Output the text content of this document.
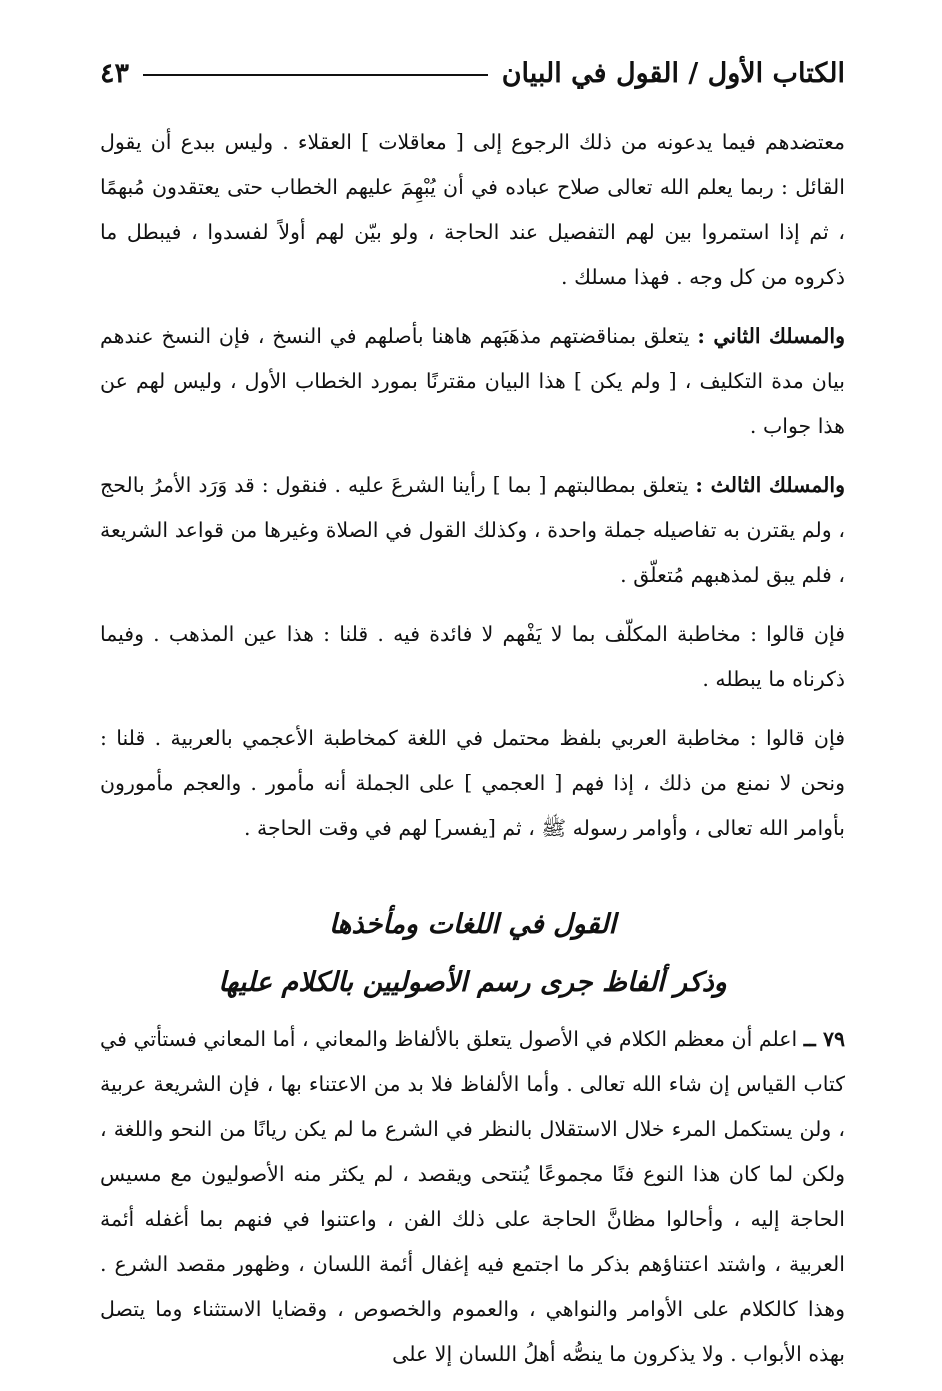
الكتاب الأول / القول في البيان
٤٣

معتضدهم فيما يدعونه من ذلك الرجوع إلى [ معاقلات ] العقلاء . وليس ببدع أن يقول القائل : ربما يعلم الله تعالى صلاح عباده في أن يُبْهِمَ عليهم الخطاب حتى يعتقدون مُبهمًا ، ثم إذا استمروا بين لهم التفصيل عند الحاجة ، ولو بيّن لهم أولاً لفسدوا ، فيبطل ما ذكروه من كل وجه . فهذا مسلك .

والمسلك الثاني : يتعلق بمناقضتهم مذهَبَهم هاهنا بأصلهم في النسخ ، فإن النسخ عندهم بيان مدة التكليف ، [ ولم يكن ] هذا البيان مقترنًا بمورد الخطاب الأول ، وليس لهم عن هذا جواب .

والمسلك الثالث : يتعلق بمطالبتهم [ بما ] رأينا الشرعَ عليه . فنقول : قد وَرَد الأمرُ بالحج ، ولم يقترن به تفاصيله جملة واحدة ، وكذلك القول في الصلاة وغيرها من قواعد الشريعة ، فلم يبق لمذهبهم مُتعلّق .

فإن قالوا : مخاطبة المكلّف بما لا يَفْهم لا فائدة فيه . قلنا : هذا عين المذهب . وفيما ذكرناه ما يبطله .

فإن قالوا : مخاطبة العربي بلفظ محتمل في اللغة كمخاطبة الأعجمي بالعربية . قلنا : ونحن لا نمنع من ذلك ، إذا فهم [ العجمي ] على الجملة أنه مأمور . والعجم مأمورون بأوامر الله تعالى ، وأوامر رسوله ﷺ ، ثم [يفسر] لهم في وقت الحاجة .

القول في اللغات ومأخذها

وذكر ألفاظ جرى رسم الأصوليين بالكلام عليها

٧٩ ــ اعلم أن معظم الكلام في الأصول يتعلق بالألفاظ والمعاني ، أما المعاني فستأتي في كتاب القياس إن شاء الله تعالى . وأما الألفاظ فلا بد من الاعتناء بها ، فإن الشريعة عربية ، ولن يستكمل المرء خلال الاستقلال بالنظر في الشرع ما لم يكن ريانًا من النحو واللغة ، ولكن لما كان هذا النوع فنًا مجموعًا يُنتحى ويقصد ، لم يكثر منه الأصوليون مع مسيس الحاجة إليه ، وأحالوا مظانَّ الحاجة على ذلك الفن ، واعتنوا في فنهم بما أغفله أئمة العربية ، واشتد اعتناؤهم بذكر ما اجتمع فيه إغفال أئمة اللسان ، وظهور مقصد الشرع . وهذا كالكلام على الأوامر والنواهي ، والعموم والخصوص ، وقضايا الاستثناء وما يتصل بهذه الأبواب . ولا يذكرون ما ينصُّه أهلُ اللسان إلا على
